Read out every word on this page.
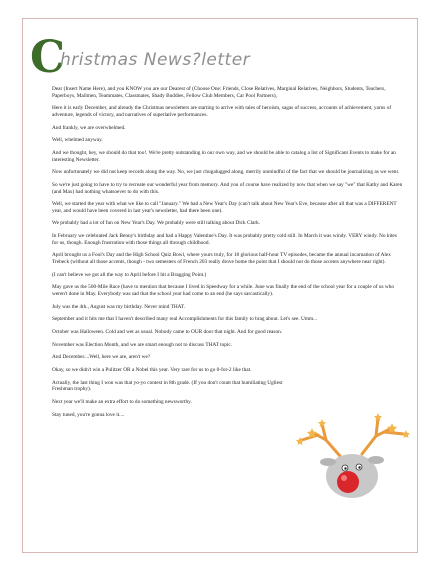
C
hristmas News?letter

Dear (Insert Name Here), and you KNOW you are our Dearest of (Choose One: Friends, Close Relatives, Marginal Relatives, Neighbors, Students, Teachers, Paperboys, Mailmen, Teammates, Classmates, Shady Buddies, Fellow Club Members, Car Pool Partners),

Here it is early December, and already the Christmas newsletters are starting to arrive with tales of heroism, sagas of success, accounts of achievement, yarns of adventure, legends of victory, and narratives of superlative performances.

And frankly, we are overwhelmed.

Well, whelmed anyway.

And we thought, hey, we should do that too!. We're pretty outstanding in our own way, and we should be able to catalog a list of Significant Events to make for an interesting Newsletter.

Now unfortunately we did not keep records along the way. No, we just chugalugged along, merrily unmindful of the fact that we should be journalizing as we went.

So we're just going to have to try to recreate our wonderful year from memory. And you of course have realized by now that when we say "we" that Kathy and Karen (and Max) had nothing whatsoever to do with this.

Well, we started the year with what we like to call "January." We had a New Year's Day (can't talk about New Year's Eve, because after all that was a DIFFERENT year, and would have been covered in last year's newsletter, had there been one).

We probably had a lot of fun on New Year's Day. We probably were still talking about Dick Clark.

In February we celebrated Jack Benny's birthday and had a Happy Valentine's Day. It was probably pretty cold still. In March it was windy. VERY windy. No kites for us, though. Enough frustration with those things all through childhood.

April brought us a Fool's Day and the High School Quiz Bowl, where yours truly, for 18 glorious half-hour TV episodes, became the annual incarnation of Alex Trebeck (without all those accents, though - two semesters of French 203 really drove home the point that I should not do those accents anywhere near right).

(I can't believe we got all the way to April before I hit a Bragging Point.)

May gave us the 500-Mile Race (have to mention that because I lived in Speedway for a while. June was finally the end of the school year for a couple of us who weren't done in May. Everybody was sad that the school year had come to an end (he says sarcastically).

July was the 4th., August was my birthday. Never mind THAT.

September and it hits me that I haven't described many real Accomplishments for this family to brag about. Let's see. Umm...

October was Halloween. Cold and wet as usual. Nobody came to OUR door that night. And for good reason.

November was Election Month, and we are smart enough not to discuss THAT topic.

And December....Well, here we are, aren't we?

Okay, so we didn't win a Pulitzer OR a Nobel this year. Very rare for us to go 0-for-2 like that.

Actually, the last thing I won was that yo-yo contest in 8th grade. (If you don't count that humiliating Ugliest Freshman trophy).

Next year we'll make an extra effort to do something newsworthy.

Stay tuned, you're gonna love it....
